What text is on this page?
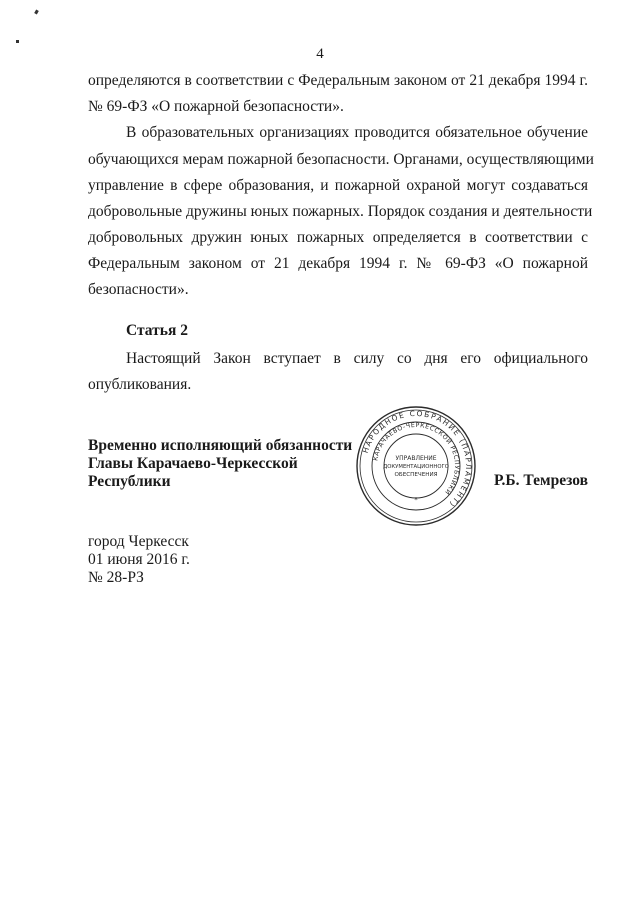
4
определяются в соответствии с Федеральным законом от 21 декабря 1994 г.
№ 69-ФЗ «О пожарной безопасности».
В образовательных организациях проводится обязательное обучение
обучающихся мерам пожарной безопасности. Органами, осуществляющими
управление в сфере образования, и пожарной охраной могут создаваться
добровольные дружины юных пожарных. Порядок создания и деятельности
добровольных дружин юных пожарных определяется в соответствии с
Федеральным законом от 21 декабря 1994 г. № 69-ФЗ «О пожарной
безопасности».
Статья 2
Настоящий Закон вступает в силу со дня его официального
опубликования.
Временно исполняющий обязанности
Главы Карачаево-Черкесской
Республики	Р.Б. Темрезов
НАРОДНОЕ СОБРАНИЕ (ПАРЛАМЕНТ)
КАРАЧАЕВО-ЧЕРКЕССКОЙ РЕСПУБЛИКИ
УПРАВЛЕНИЕ
ДОКУМЕНТАЦИОННОГО
ОБЕСПЕЧЕНИЯ
*
город Черкесск
01 июня 2016 г.
№ 28-РЗ
